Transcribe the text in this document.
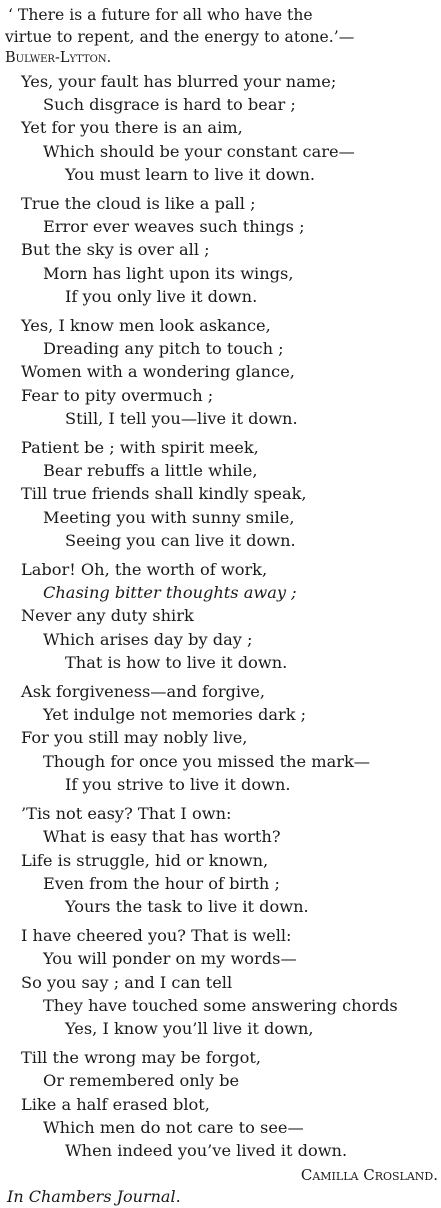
‘ There is a future for all who have the
virtue to repent, and the energy to atone.’—
Bulwer-Lytton.
Yes, your fault has blurred your name;
Such disgrace is hard to bear ;
Yet for you there is an aim,
Which should be your constant care—
You must learn to live it down.
True the cloud is like a pall ;
Error ever weaves such things ;
But the sky is over all ;
Morn has light upon its wings,
If you only live it down.
Yes, I know men look askance,
Dreading any pitch to touch ;
Women with a wondering glance,
Fear to pity overmuch ;
Still, I tell you—live it down.
Patient be ; with spirit meek,
Bear rebuffs a little while,
Till true friends shall kindly speak,
Meeting you with sunny smile,
Seeing you can live it down.
Labor! Oh, the worth of work,
Chasing bitter thoughts away ;
Never any duty shirk
Which arises day by day ;
That is how to live it down.
Ask forgiveness—and forgive,
Yet indulge not memories dark ;
For you still may nobly live,
Though for once you missed the mark—
If you strive to live it down.
’Tis not easy? That I own:
What is easy that has worth?
Life is struggle, hid or known,
Even from the hour of birth ;
Yours the task to live it down.
I have cheered you? That is well:
You will ponder on my words—
So you say ; and I can tell
They have touched some answering chords
Yes, I know you’ll live it down,
Till the wrong may be forgot,
Or remembered only be
Like a half erased blot,
Which men do not care to see—
When indeed you’ve lived it down.
Camilla Crosland.
In Chambers Journal.
